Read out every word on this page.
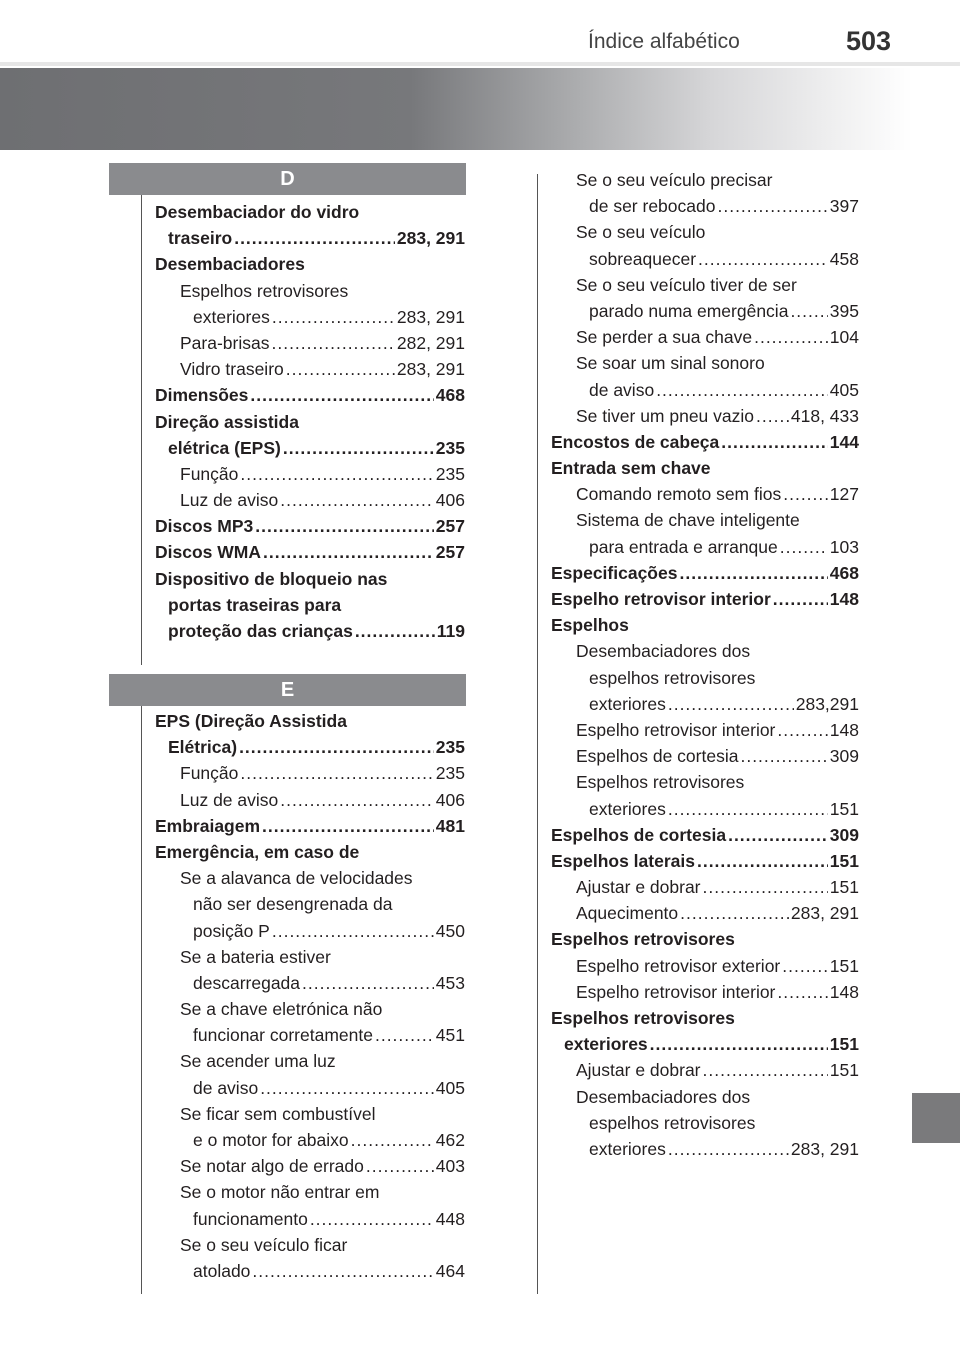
Índice alfabético	503
D
Desembaciador do vidro
traseiro .....	283, 291
Desembaciadores
Espelhos retrovisores
exteriores .....	283, 291
Para-brisas .....	282, 291
Vidro traseiro .....	283, 291
Dimensões .....	468
Direção assistida
elétrica (EPS) .....	235
Função .....	235
Luz de aviso .....	406
Discos MP3 .....	257
Discos WMA .....	257
Dispositivo de bloqueio nas
portas traseiras para
proteção das crianças .....	119
E
EPS (Direção Assistida
Elétrica) .....	235
Função .....	235
Luz de aviso .....	406
Embraiagem .....	481
Emergência, em caso de
Se a alavanca de velocidades
não ser desengrenada da
posição P .....	450
Se a bateria estiver
descarregada .....	453
Se a chave eletrónica não
funcionar corretamente .....	451
Se acender uma luz
de aviso .....	405
Se ficar sem combustível
e o motor for abaixo .....	462
Se notar algo de errado .....	403
Se o motor não entrar em
funcionamento .....	448
Se o seu veículo ficar
atolado .....	464
Se o seu veículo precisar
de ser rebocado .....	397
Se o seu veículo
sobreaquecer .....	458
Se o seu veículo tiver de ser
parado numa emergência ..... 395
Se perder a sua chave .....	104
Se soar um sinal sonoro
de aviso .....	405
Se tiver um pneu vazio ..... 418, 433
Encostos de cabeça .....	144
Entrada sem chave
Comando remoto sem fios .....	127
Sistema de chave inteligente
para entrada e arranque .....	103
Especificações .....	468
Espelho retrovisor interior .....	148
Espelhos
Desembaciadores dos
espelhos retrovisores
exteriores .....	283,291
Espelho retrovisor interior .....	148
Espelhos de cortesia .....	309
Espelhos retrovisores
exteriores .....	151
Espelhos de cortesia .....	309
Espelhos laterais .....	151
Ajustar e dobrar .....	151
Aquecimento .....	283, 291
Espelhos retrovisores
Espelho retrovisor exterior .....	151
Espelho retrovisor interior .....	148
Espelhos retrovisores
exteriores .....	151
Ajustar e dobrar .....	151
Desembaciadores dos
espelhos retrovisores
exteriores .....	283, 291
